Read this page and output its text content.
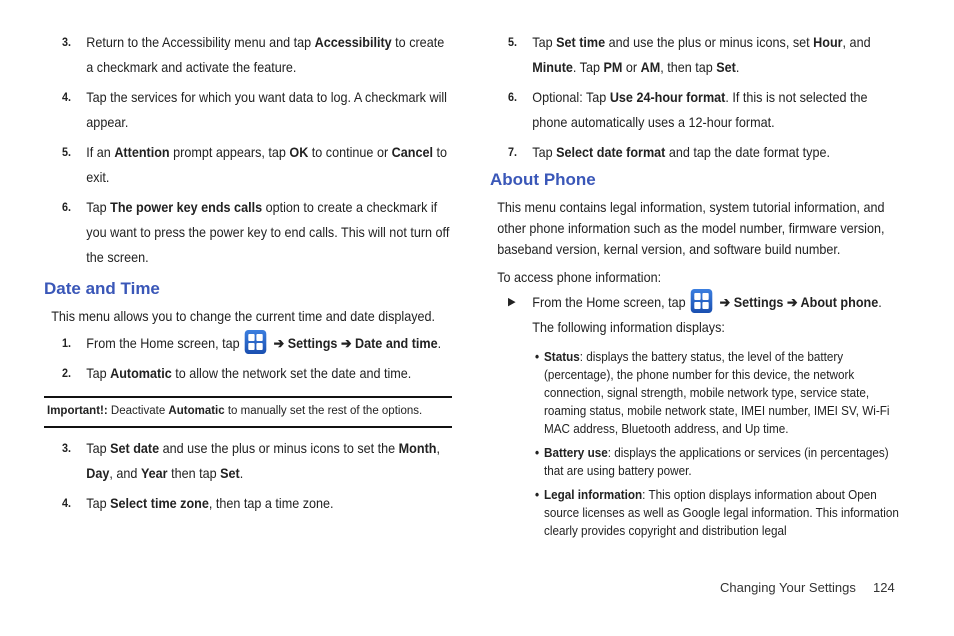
3. Return to the Accessibility menu and tap Accessibility to create a checkmark and activate the feature.
4. Tap the services for which you want data to log. A checkmark will appear.
5. If an Attention prompt appears, tap OK to continue or Cancel to exit.
6. Tap The power key ends calls option to create a checkmark if you want to press the power key to end calls. This will not turn off the screen.
Date and Time
This menu allows you to change the current time and date displayed.
1. From the Home screen, tap
➔ Settings ➔ Date and time.
2. Tap Automatic to allow the network set the date and time.
Important!: Deactivate Automatic to manually set the rest of the options.
3. Tap Set date and use the plus or minus icons to set the Month, Day, and Year then tap Set.
4. Tap Select time zone, then tap a time zone.
5. Tap Set time and use the plus or minus icons, set Hour, and Minute. Tap PM or AM, then tap Set.
6. Optional: Tap Use 24-hour format. If this is not selected the phone automatically uses a 12-hour format.
7. Tap Select date format and tap the date format type.
About Phone
This menu contains legal information, system tutorial information, and other phone information such as the model number, firmware version, baseband version, kernal version, and software build number.
To access phone information:
▶ From the Home screen, tap
➔ Settings ➔ About phone. The following information displays:
• Status: displays the battery status, the level of the battery (percentage), the phone number for this device, the network connection, signal strength, mobile network type, service state, roaming status, mobile network state, IMEI number, IMEI SV, Wi-Fi MAC address, Bluetooth address, and Up time.
• Battery use: displays the applications or services (in percentages) that are using battery power.
• Legal information: This option displays information about Open source licenses as well as Google legal information. This information clearly provides copyright and distribution legal
Changing Your Settings 124
